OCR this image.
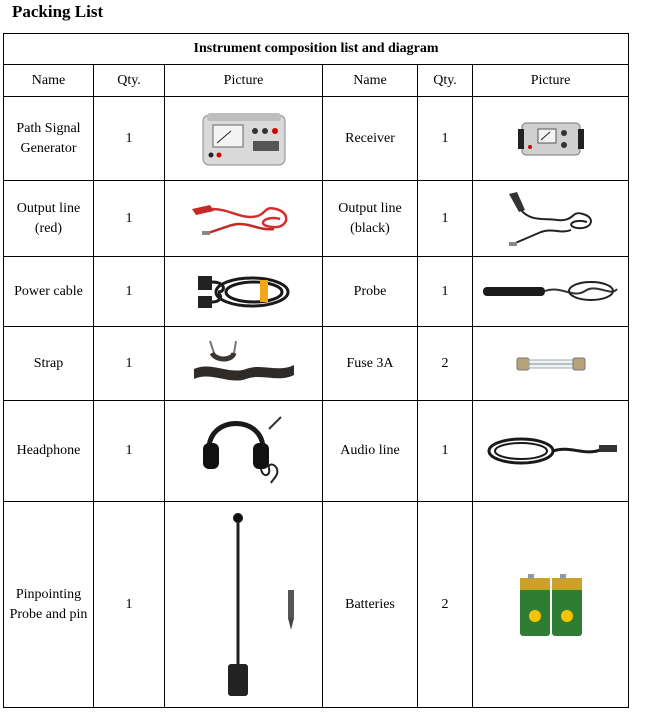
Packing List
Instrument composition list and diagram					
Name	Qty.	Picture	Name	Qty.	Picture
Path Signal Generator	1		Receiver	1	

Output line (red)	1		Output line (black)	1	

Power cable	1		Probe	1	

Strap	1		Fuse 3A	2	

Headphone	1		Audio line	1	

Pinpointing Probe and pin	1		Batteries	2	
